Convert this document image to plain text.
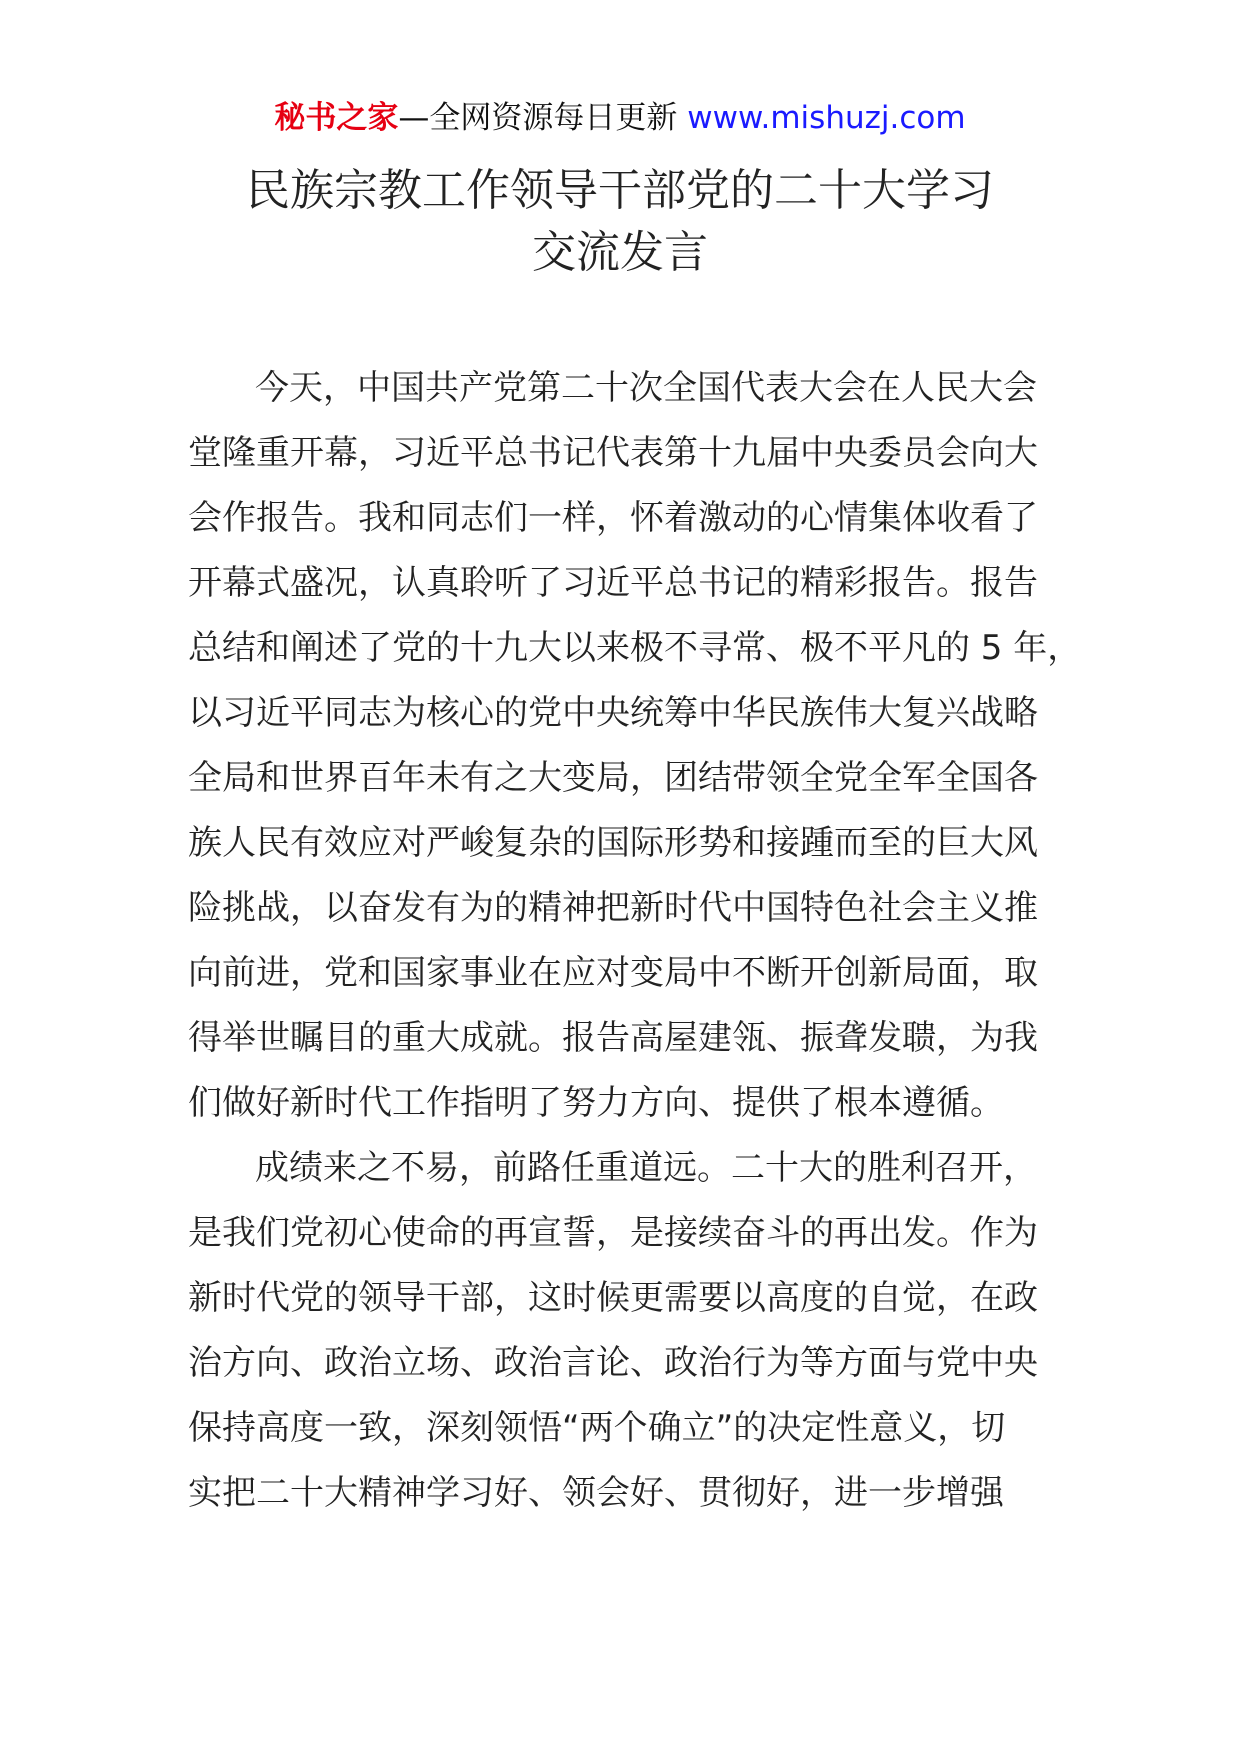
秘书之家—全网资源每日更新 www.mishuzj.com
民族宗教工作领导干部党的二十大学习
交流发言

今天，中国共产党第二十次全国代表大会在人民大会
堂隆重开幕，习近平总书记代表第十九届中央委员会向大
会作报告。我和同志们一样，怀着激动的心情集体收看了
开幕式盛况，认真聆听了习近平总书记的精彩报告。报告
总结和阐述了党的十九大以来极不寻常、极不平凡的 5 年，
以习近平同志为核心的党中央统筹中华民族伟大复兴战略
全局和世界百年未有之大变局，团结带领全党全军全国各
族人民有效应对严峻复杂的国际形势和接踵而至的巨大风
险挑战，以奋发有为的精神把新时代中国特色社会主义推
向前进，党和国家事业在应对变局中不断开创新局面，取
得举世瞩目的重大成就。报告高屋建瓴、振聋发聩，为我
们做好新时代工作指明了努力方向、提供了根本遵循。

成绩来之不易，前路任重道远。二十大的胜利召开，
是我们党初心使命的再宣誓，是接续奋斗的再出发。作为
新时代党的领导干部，这时候更需要以高度的自觉，在政
治方向、政治立场、政治言论、政治行为等方面与党中央
保持高度一致，深刻领悟“两个确立”的决定性意义，切
实把二十大精神学习好、领会好、贯彻好，进一步增强
